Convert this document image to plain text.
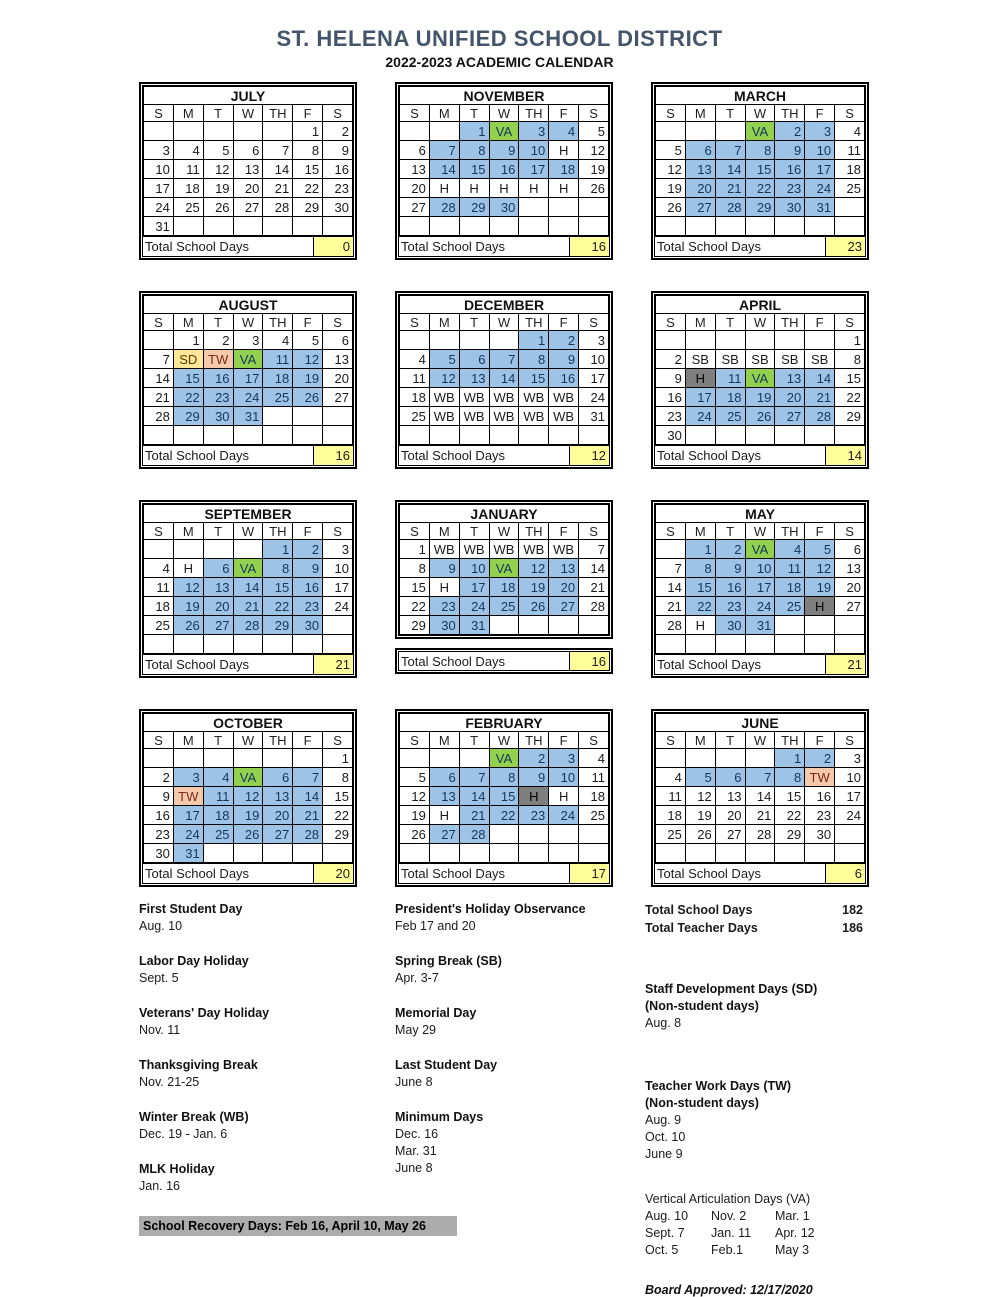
ST. HELENA UNIFIED SCHOOL DISTRICT
2022-2023 ACADEMIC CALENDAR
JULY						
S	M	T	W	TH	F	S
					1	2
3	4	5	6	7	8	9
10	11	12	13	14	15	16
17	18	19	20	21	22	23
24	25	26	27	28	29	30
31						
Total School Days	0
NOVEMBER						
S	M	T	W	TH	F	S
		1	VA	3	4	5
6	7	8	9	10	H	12
13	14	15	16	17	18	19
20	H	H	H	H	H	26
27	28	29	30			

Total School Days	16
MARCH						
S	M	T	W	TH	F	S
			VA	2	3	4
5	6	7	8	9	10	11
12	13	14	15	16	17	18
19	20	21	22	23	24	25
26	27	28	29	30	31	

Total School Days	23
AUGUST						
S	M	T	W	TH	F	S
	1	2	3	4	5	6
7	SD	TW	VA	11	12	13
14	15	16	17	18	19	20
21	22	23	24	25	26	27
28	29	30	31			

Total School Days	16
DECEMBER						
S	M	T	W	TH	F	S
				1	2	3
4	5	6	7	8	9	10
11	12	13	14	15	16	17
18	WB	WB	WB	WB	WB	24
25	WB	WB	WB	WB	WB	31

Total School Days	12
APRIL						
S	M	T	W	TH	F	S
						1
2	SB	SB	SB	SB	SB	8
9	H	11	VA	13	14	15
16	17	18	19	20	21	22
23	24	25	26	27	28	29
30						
Total School Days	14
SEPTEMBER						
S	M	T	W	TH	F	S
				1	2	3
4	H	6	VA	8	9	10
11	12	13	14	15	16	17
18	19	20	21	22	23	24
25	26	27	28	29	30	

Total School Days	21
JANUARY						
S	M	T	W	TH	F	S
1	WB	WB	WB	WB	WB	7
8	9	10	VA	12	13	14
15	H	17	18	19	20	21
22	23	24	25	26	27	28
29	30	31				
Total School Days	16
MAY						
S	M	T	W	TH	F	S
	1	2	VA	4	5	6
7	8	9	10	11	12	13
14	15	16	17	18	19	20
21	22	23	24	25	H	27
28	H	30	31			

Total School Days	21
OCTOBER						
S	M	T	W	TH	F	S
						1
2	3	4	VA	6	7	8
9	TW	11	12	13	14	15
16	17	18	19	20	21	22
23	24	25	26	27	28	29
30	31					
Total School Days	20
FEBRUARY						
S	M	T	W	TH	F	S
			VA	2	3	4
5	6	7	8	9	10	11
12	13	14	15	H	H	18
19	H	21	22	23	24	25
26	27	28				

Total School Days	17
JUNE						
S	M	T	W	TH	F	S
				1	2	3
4	5	6	7	8	TW	10
11	12	13	14	15	16	17
18	19	20	21	22	23	24
25	26	27	28	29	30	

Total School Days	6
First Student Day
Aug. 10
Labor Day Holiday
Sept. 5
Veterans' Day Holiday
Nov. 11
Thanksgiving Break
Nov. 21-25
Winter Break (WB)
Dec. 19 - Jan. 6
MLK Holiday
Jan. 16
President's Holiday Observance
Feb 17 and 20
Spring Break (SB)
Apr. 3-7
Memorial Day
May 29
Last Student Day
June 8
Minimum Days
Dec. 16
Mar. 31
June 8
Total School Days	182
Total Teacher Days	186
Staff Development Days (SD)
(Non-student days)
Aug. 8
Teacher Work Days (TW)
(Non-student days)
Aug. 9
Oct. 10
June 9
Vertical Articulation Days (VA)
Aug. 10	Nov. 2	Mar. 1
Sept. 7	Jan. 11	Apr. 12
Oct. 5	Feb.1	May 3
Board Approved: 12/17/2020
School Recovery Days: Feb 16, April 10, May 26
